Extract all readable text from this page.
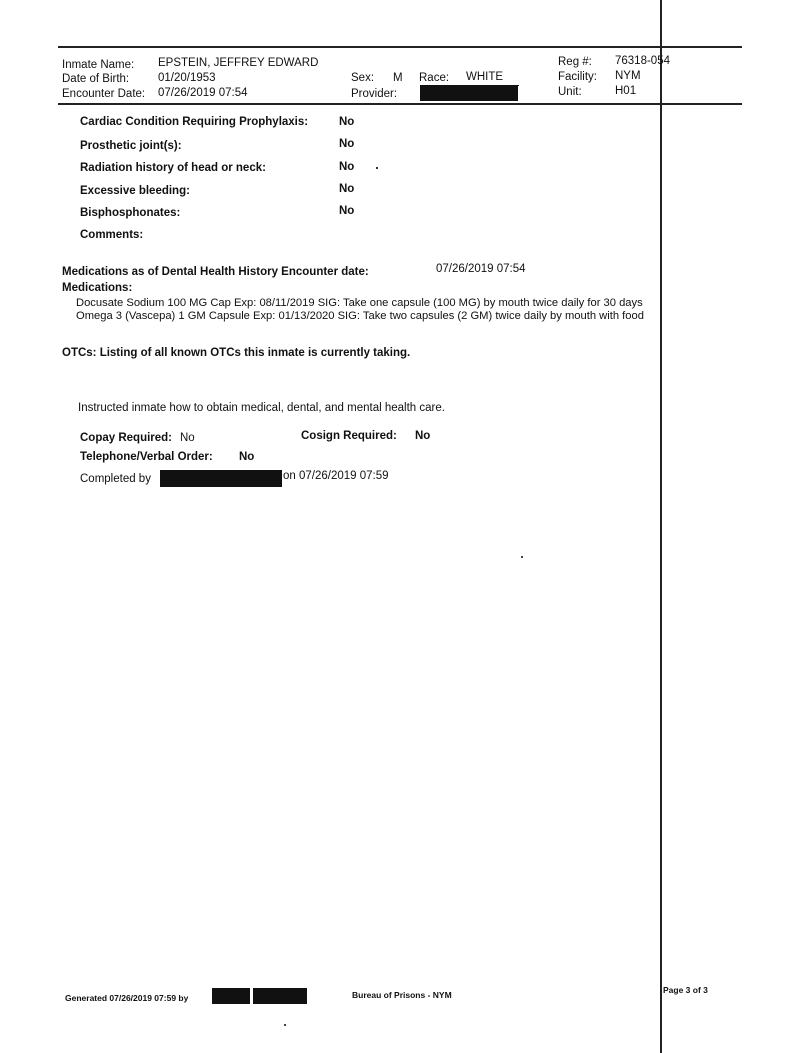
Inmate Name: EPSTEIN, JEFFREY EDWARD
Date of Birth:	01/20/1953
Encounter Date: 07/26/2019 07:54
Sex: M Race: WHITE
Provider:
Reg #: 76318-054
Facility: NYM
Unit:	H01
Cardiac Condition Requiring Prophylaxis:	No
Prosthetic joint(s):	No
Radiation history of head or neck:	No
Excessive bleeding:	No
Bisphosphonates:	No
Comments:
Medications as of Dental Health History Encounter date:	07/26/2019 07:54
Medications:
Docusate Sodium 100 MG Cap Exp: 08/11/2019 SIG: Take one capsule (100 MG) by mouth twice daily for 30 days
Omega 3 (Vascepa) 1 GM Capsule Exp: 01/13/2020 SIG: Take two capsules (2 GM) twice daily by mouth with food
OTCs: Listing of all known OTCs this inmate is currently taking.
Instructed inmate how to obtain medical, dental, and mental health care.
Copay Required: No	Cosign Required: No
Telephone/Verbal Order: No
Completed by	on 07/26/2019 07:59
Generated 07/26/2019 07:59 by	Bureau of Prisons - NYM	Page 3 of 3
